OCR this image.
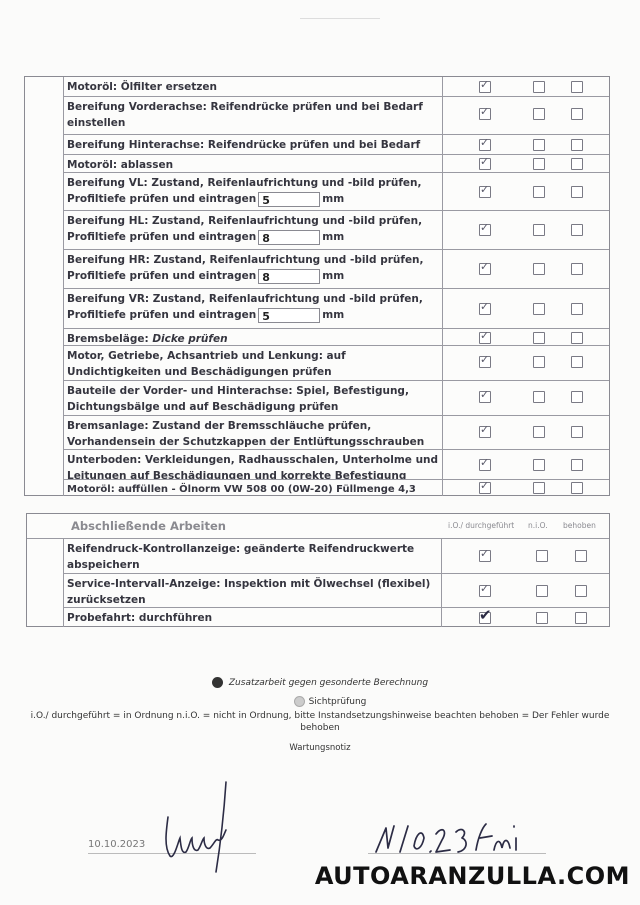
Motoröl: Ölfilter ersetzen
✓
Bereifung Vorderachse: Reifendrücke prüfen und bei Bedarf einstellen
✓
Bereifung Hinterachse: Reifendrücke prüfen und bei Bedarf
✓
Motoröl: ablassen
✓
Bereifung VL: Zustand, Reifenlaufrichtung und -bild prüfen,
Profiltiefe prüfen und eintragen 5	mm
✓
Bereifung HL: Zustand, Reifenlaufrichtung und -bild prüfen,
Profiltiefe prüfen und eintragen 8	mm
✓
Bereifung HR: Zustand, Reifenlaufrichtung und -bild prüfen,
Profiltiefe prüfen und eintragen 8	mm
✓
Bereifung VR: Zustand, Reifenlaufrichtung und -bild prüfen,
Profiltiefe prüfen und eintragen 5	mm
✓
Bremsbeläge: Dicke prüfen
✓
Motor, Getriebe, Achsantrieb und Lenkung: auf Undichtigkeiten und Beschädigungen prüfen
✓
Bauteile der Vorder- und Hinterachse: Spiel, Befestigung, Dichtungsbälge und auf Beschädigung prüfen
✓
Bremsanlage: Zustand der Bremsschläuche prüfen, Vorhandensein der Schutzkappen der Entlüftungsschrauben
✓
Unterboden: Verkleidungen, Radhausschalen, Unterholme und Leitungen auf Beschädigungen und korrekte Befestigung
✓
Motoröl: auffüllen - Ölnorm VW 508 00 (0W-20) Füllmenge 4,3
✓
Abschließende Arbeiten	i.O./ durchgeführt n.i.O. behoben
Reifendruck-Kontrollanzeige: geänderte Reifendruckwerte abspeichern
✓
Service-Intervall-Anzeige: Inspektion mit Ölwechsel (flexibel) zurücksetzen
✓
Probefahrt: durchführen
✔
Zusatzarbeit gegen gesonderte Berechnung
Sichtprüfung
i.O./ durchgeführt = in Ordnung n.i.O. = nicht in Ordnung, bitte Instandsetzungshinweise beachten behoben = Der Fehler wurde behoben
Wartungsnotiz
10.10.2023
AUTOARANZULLA.COM
